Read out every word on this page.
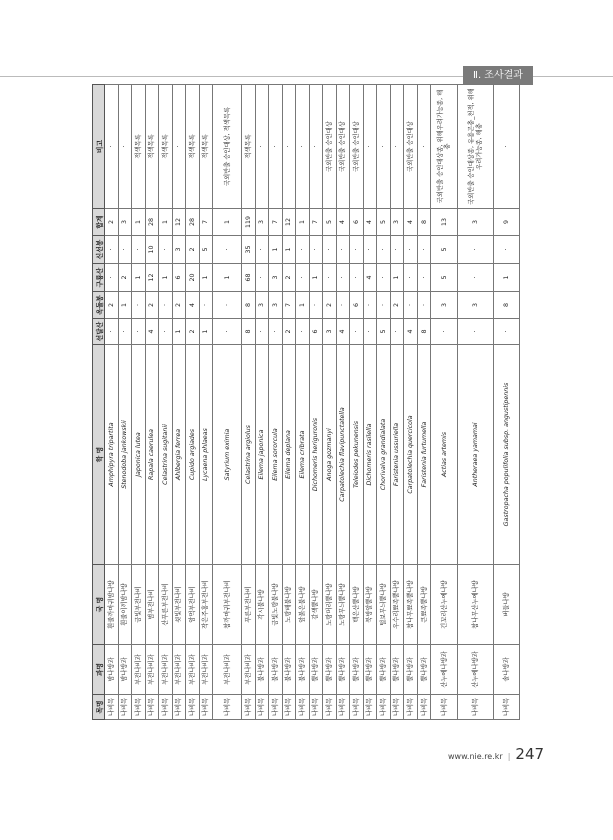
Ⅱ. 조사결과
목명	과명	국 명	학 명	선달산	옥돌봉	구룡산	신선봉	합계	비고
나비목	밤나방과	흰줄까마귀밤나방	Amphipyra tripartita	·	2	·	·	2	·
나비목	밤나방과	흰줄이끼밤나방	Stenodoba jankowskii	·	1	2	·	3	·
나비목	부전나비과	금빛부전나비	Japonica lutea	·	·	1	·	1	적색목록
나비목	부전나비과	범부전나비	Rapala caerulea	4	2	12	10	28	적색목록
나비목	부전나비과	산푸른부전나비	Celastrina sugitanii	·	·	1	·	1	적색목록
나비목	부전나비과	쇳빛부전나비	Ahlbergia ferrea	1	2	6	3	12	·
나비목	부전나비과	암먹부전나비	Cupido argiades	2	4	20	2	28	적색목록
나비목	부전나비과	작은주홍부전나비	Lycaena phlaeas	1	·	1	5	7	적색목록
나비목	부전나비과	참까마귀부전나비	Satyrium eximia	·	·	1	·	1	국외반출 승인대상, 적색목록
나비목	부전나비과	푸른부전나비	Celastrina argiolus	8	8	68	35	119	적색목록
나비목	불나방과	각시불나방	Eilema japonica	·	3	·	·	3	·
나비목	불나방과	금빛노랑불나방	Eilema sororcula	·	3	3	1	7	·
나비목	불나방과	노랑배불나방	Eilema deplana	2	7	2	1	12	·
나비목	불나방과	앞붉은불나방	Eilema cribrata	·	1	·	·	1	·
나비목	뿔나방과	갈색뿔나방	Dichomeris heriguronis	6	·	1	·	7	·
나비목	뿔나방과	노랑머리뿔나방	Anoga gozmanyi	3	2	·	·	5	국외반출 승인대상
나비목	뿔나방과	노랑무늬뿔나방	Carpatolechia flavipunctatella	4	·	·	·	4	국외반출 승인대상
나비목	뿔나방과	백은산뿔나방	Teleiodes pekunensis	·	6	·	·	6	국외반출 승인대상
나비목	뿔나방과	북방알뿔나방	Dichomeris rasilella	·	·	4	·	4	·
나비목	뿔나방과	털보무늬뿔나방	Chorivalva grandialata	5	·	·	·	5	·
나비목	뿔나방과	우수리뾰족뿔나방	Faristenia ussuriella	·	2	1	·	3	·
나비목	뿔나방과	참나무뾰족뿔나방	Carpatolechia quercicola	4	·	·	·	4	국외반출 승인대상
나비목	뿔나방과	큰뾰족뿔나방	Faristenia furtumella	8	·	·	·	8	·
나비목	산누에나방과	긴꼬리산누에나방	Actias artemis	·	3	5	5	13	국외반출 승인대상종, 위해우려가능종, 해충
나비목	산누에나방과	참나무산누에나방	Antheraea yamamai	·	3	·	·	3	국외반출 승인대상종, 유용곤충_천적, 위해우려가능종, 해충
나비목	솔나방과	버들나방	Gastropacha populifolia subsp. angustipennis	·	8	1	·	9	·
www.nie.re.kr | 247
